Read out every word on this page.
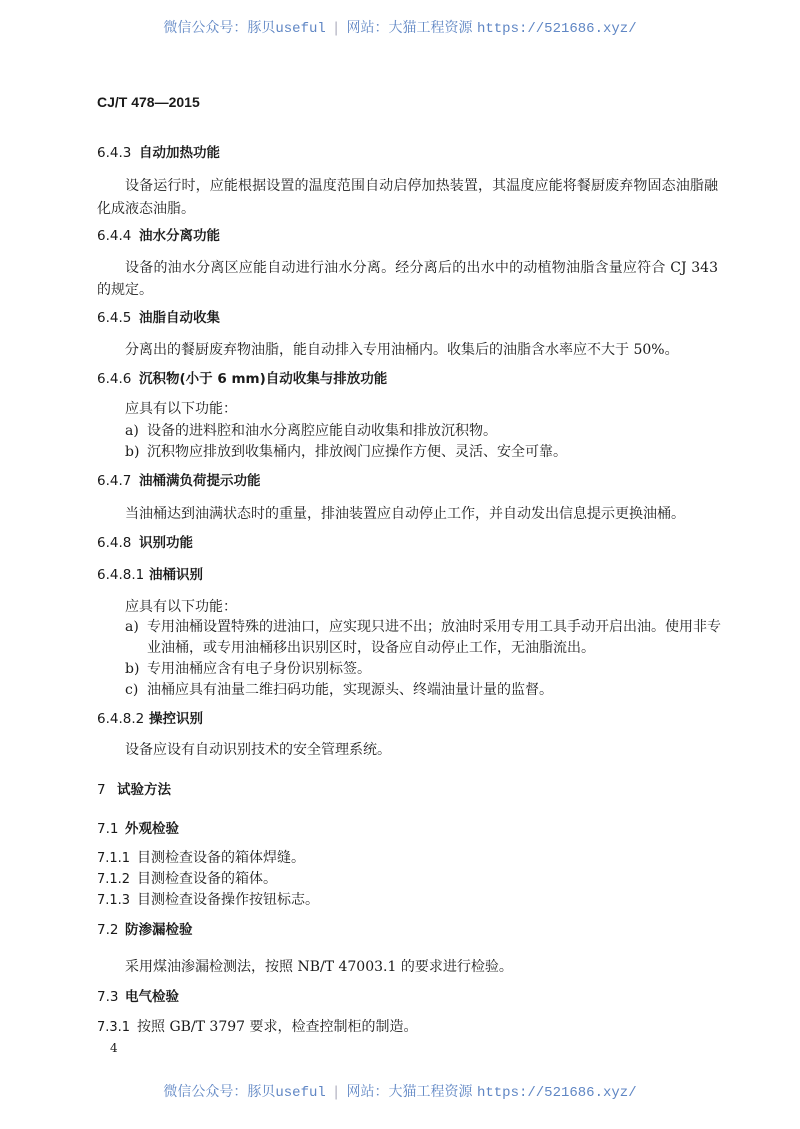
微信公众号：豚贝useful | 网站：大猫工程资源 https://521686.xyz/
CJ/T 478—2015
6.4.3 自动加热功能
设备运行时，应能根据设置的温度范围自动启停加热装置，其温度应能将餐厨废弃物固态油脂融
化成液态油脂。
6.4.4 油水分离功能
设备的油水分离区应能自动进行油水分离。经分离后的出水中的动植物油脂含量应符合 CJ 343
的规定。
6.4.5 油脂自动收集
分离出的餐厨废弃物油脂，能自动排入专用油桶内。收集后的油脂含水率应不大于 50%。
6.4.6 沉积物(小于 6 mm)自动收集与排放功能
应具有以下功能：
a) 设备的进料腔和油水分离腔应能自动收集和排放沉积物。
b) 沉积物应排放到收集桶内，排放阀门应操作方便、灵活、安全可靠。
6.4.7 油桶满负荷提示功能
当油桶达到油满状态时的重量，排油装置应自动停止工作，并自动发出信息提示更换油桶。
6.4.8 识别功能
6.4.8.1 油桶识别
应具有以下功能：
a) 专用油桶设置特殊的进油口，应实现只进不出；放油时采用专用工具手动开启出油。使用非专
业油桶，或专用油桶移出识别区时，设备应自动停止工作，无油脂流出。
b) 专用油桶应含有电子身份识别标签。
c) 油桶应具有油量二维扫码功能，实现源头、终端油量计量的监督。
6.4.8.2 操控识别
设备应设有自动识别技术的安全管理系统。
7 试验方法
7.1 外观检验
7.1.1 目测检查设备的箱体焊缝。
7.1.2 目测检查设备的箱体。
7.1.3 目测检查设备操作按钮标志。
7.2 防渗漏检验
采用煤油渗漏检测法，按照 NB/T 47003.1 的要求进行检验。
7.3 电气检验
7.3.1 按照 GB/T 3797 要求，检查控制柜的制造。
4
微信公众号：豚贝useful | 网站：大猫工程资源 https://521686.xyz/
